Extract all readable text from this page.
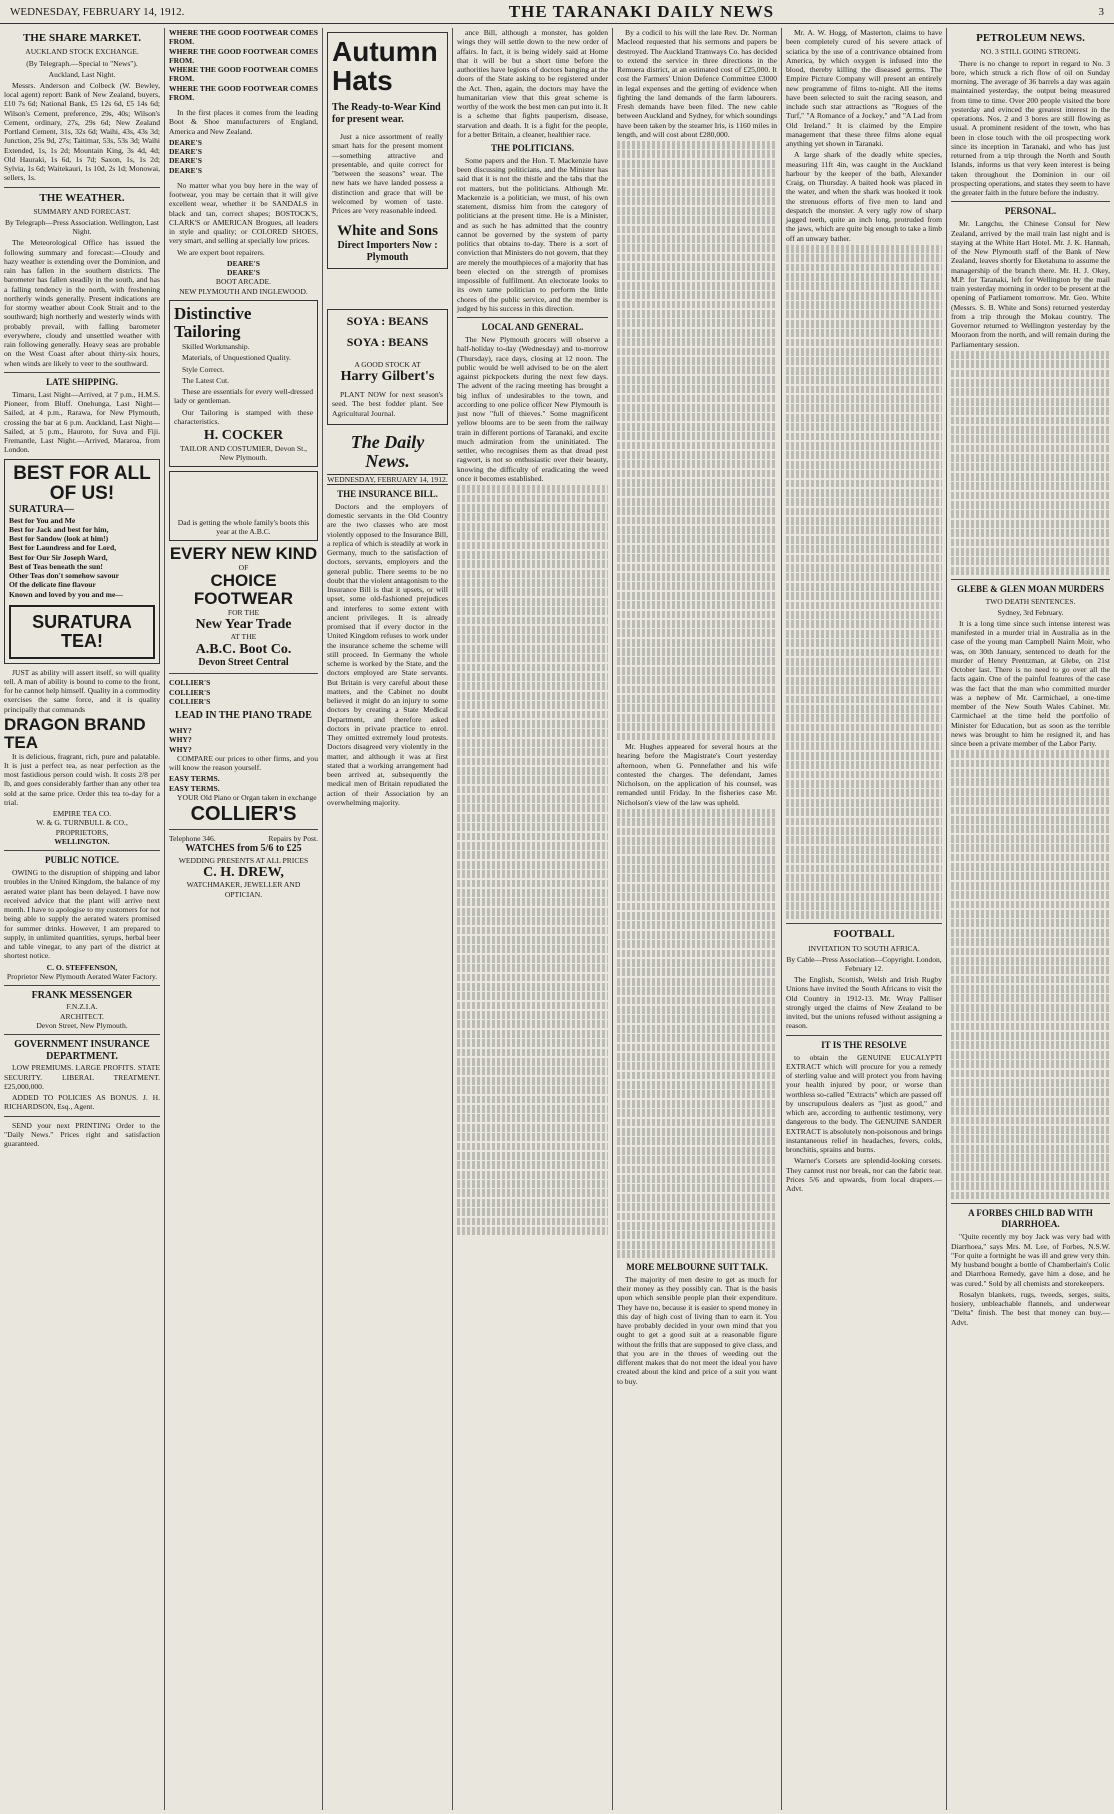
WEDNESDAY, FEBRUARY 14, 1912.	THE TARANAKI DAILY NEWS	3
THE SHARE MARKET.
AUCKLAND STOCK EXCHANGE.
(By Telegraph.—Special to "News").
Auckland, Last Night.

Messrs. Anderson and Colbeck (W. Bewley, local agent) report: Bank of New Zealand, buyers, £10 7s 6d; National Bank, £5 12s 6d, £5 14s 6d; Wilson's Cement, preference, 29s, 40s; Wilson's Cement, ordinary, 27s, 29s 6d; New Zealand Portland Cement, 31s, 32s 6d; Waihi, 43s, 43s 3d; Junction, 25s 9d, 27s; Taitimar, 53s, 53s 3d; Waihi Extended, 1s, 1s 2d; Mountain King, 3s 4d, 4d; Old Hauraki, 1s 6d, 1s 7d; Saxon, 1s, 1s 2d; Sylvia, 1s 6d; Waitekauri, 1s 10d, 2s 1d; Monowai, sellers, 1s.

THE WEATHER.
SUMMARY AND FORECAST.
By Telegraph—Press Association. Wellington, Last Night.

The Meteorological Office has issued the following summary and forecast:—Cloudy and hazy weather is extending over the Dominion, and rain has fallen in the southern districts. The barometer has fallen steadily in the south, and has a falling tendency in the north, with freshening northerly winds generally. Present indications are for stormy weather about Cook Strait and to the southward; high northerly and westerly winds with probably prevail, with falling barometer everywhere, cloudy and unsettled weather with rain following generally. Heavy seas are probable on the West Coast after about thirty-six hours, when winds are likely to veer to the southward.

LATE SHIPPING.

Timaru, Last Night—Arrived, at 7 p.m., H.M.S. Pioneer, from Bluff. Onehunga, Last Night—Sailed, at 4 p.m., Rarawa, for New Plymouth, crossing the bar at 6 p.m. Auckland, Last Night—Sailed, at 5 p.m., Hauroto, for Suva and Fiji. Fremantle, Last Night.—Arrived, Mararoa, from London.

BEST FOR ALL OF US!
SURATURA—
Best for You and Me
Best for Jack and best for him,
Best for Sandow (look at him!)
Best for Laundress and for Lord,
Best for Our Sir Joseph Ward,
Best of Teas beneath the sun!
Other Teas don't somehow savour
Of the delicate fine flavour
Known and loved by you and me—
SURATURA TEA!

JUST as ability will assert itself, so will quality tell. A man of ability is bound to come to the front, for he cannot help himself. Quality in a commodity exercises the same force, and it is quality principally that commands

DRAGON BRAND TEA

It is delicious, fragrant, rich, pure and palatable. It is just a perfect tea, as near perfection as the most fastidious person could wish. It costs 2/8 per lb, and goes considerably farther than any other tea sold at the same price. Order this tea to-day for a trial.

EMPIRE TEA CO.
W. & G. TURNBULL & CO.,
PROPRIETORS,
WELLINGTON.
PUBLIC NOTICE.

OWING to the disruption of shipping and labor troubles in the United Kingdom, the balance of my aerated water plant has been delayed. I have now received advice that the plant will arrive next month. I have to apologise to my customers for not being able to supply the aerated waters promised for summer drinks. However, I am prepared to supply, in unlimited quantities, syrups, herbal beer and table vinegar, to any part of the district at shortest notice.

C. O. STEFFENSON,
Proprietor New Plymouth Aerated Water Factory.
FRANK MESSENGER
F.N.Z.I.A.
ARCHITECT.
Devon Street, New Plymouth.
GOVERNMENT INSURANCE DEPARTMENT.

LOW PREMIUMS. LARGE PROFITS. STATE SECURITY. LIBERAL TREATMENT. £25,000,000.

ADDED TO POLICIES AS BONUS. J. H. RICHARDSON, Esq., Agent.

SEND your next PRINTING Order to the "Daily News." Prices right and satisfaction guaranteed.

WHERE THE GOOD FOOTWEAR COMES FROM.
WHERE THE GOOD FOOTWEAR COMES FROM.
WHERE THE GOOD FOOTWEAR COMES FROM.
WHERE THE GOOD FOOTWEAR COMES FROM.

In the first places it comes from the leading Boot & Shoe manufacturers of England, America and New Zealand.

DEARE'S
DEARE'S
DEARE'S
DEARE'S

No matter what you buy here in the way of footwear, you may be certain that it will give excellent wear, whether it be SANDALS in black and tan, correct shapes; BOSTOCK'S, CLARK'S or AMERICAN Brogues, all leaders in style and quality; or COLORED SHOES, very smart, and selling at specially low prices.

We are expert boot repairers.

DEARE'S
DEARE'S
BOOT ARCADE.
NEW PLYMOUTH AND INGLEWOOD.
Distinctive Tailoring

Skilled Workmanship.

Materials, of Unquestioned Quality.

Style Correct.

The Latest Cut.

These are essentials for every well-dressed lady or gentleman.

Our Tailoring is stamped with these characteristics.

H. COCKER
TAILOR AND COSTUMIER, Devon St., New Plymouth.
Dad is getting the whole family's boots this year at the A.B.C.
EVERY NEW KIND
OF
CHOICE FOOTWEAR
FOR THE
New Year Trade
AT THE
A.B.C. Boot Co.
Devon Street Central
COLLIER'S
COLLIER'S
COLLIER'S
LEAD IN THE PIANO TRADE
WHY?
WHY?
WHY?

COMPARE our prices to other firms, and you will know the reason yourself.

EASY TERMS.
EASY TERMS.

YOUR Old Piano or Organ taken in exchange

COLLIER'S
Telephone 346.	Repairs by Post.
WATCHES from 5/6 to £25
WEDDING PRESENTS AT ALL PRICES
C. H. DREW,
WATCHMAKER, JEWELLER AND OPTICIAN.
Autumn Hats
The Ready-to-Wear Kind for present wear.

Just a nice assortment of really smart hats for the present moment—something attractive and presentable, and quite correct for "between the seasons" wear. The new hats we have landed possess a distinction and grace that will be welcomed by women of taste. Prices are 'very reasonable indeed.

White and Sons
Direct Importers Now : Plymouth
SOYA : BEANS
SOYA : BEANS
A GOOD STOCK AT
Harry Gilbert's

PLANT NOW for next season's seed. The best fodder plant. See Agricultural Journal.

The Daily News.
WEDNESDAY, FEBRUARY 14, 1912.
THE INSURANCE BILL.

Doctors and the employers of domestic servants in the Old Country are the two classes who are most violently opposed to the Insurance Bill, a replica of which is steadily at work in Germany, much to the satisfaction of doctors, servants, employers and the general public. There seems to be no doubt that the violent antagonism to the Insurance Bill is that it upsets, or will upset, some old-fashioned prejudices and interferes to some extent with ancient privileges. It is already promised that if every doctor in the United Kingdom refuses to work under the insurance scheme the scheme will still proceed. In Germany the whole scheme is worked by the State, and the doctors employed are State servants. But Britain is very careful about these matters, and the Cabinet no doubt believed it might do an injury to some doctors by creating a State Medical Department, and therefore asked doctors in private practice to enrol. They omitted extremely loud protests. Doctors disagreed very violently in the matter, and although it was at first stated that a working arrangement had been arrived at, subsequently the medical men of Britain repudiated the action of their Association by an overwhelming majority.

ance Bill, although a monster, has golden wings they will settle down to the new order of affairs. In fact, it is being widely said at Home that it will be but a short time before the authorities have legions of doctors banging at the doors of the State asking to be registered under the Act. Then, again, the doctors may have the humanitarian view that this great scheme is worthy of the work the best men can put into it. It is a scheme that fights pauperism, disease, starvation and death. It is a fight for the people, for a better Britain, a cleaner, healthier race.

THE POLITICIANS.

Some papers and the Hon. T. Mackenzie have been discussing politicians, and the Minister has said that it is not the thistle and the tabs that the rot matters, but the politicians. Although Mr. Mackenzie is a politician, we must, of his own statement, dismiss him from the category of politicians at the present time. He is a Minister, and as such he has admitted that the country cannot be governed by the system of party politics that obtains to-day. There is a sort of conviction that Ministers do not govern, that they are merely the mouthpieces of a majority that has been elected on the strength of promises impossible of fulfilment. An electorate looks to its own tame politician to perform the little chores of the public service, and the member is judged by his success in this direction.

LOCAL AND GENERAL.

The New Plymouth grocers will observe a half-holiday to-day (Wednesday) and to-morrow (Thursday), race days, closing at 12 noon. The public would be well advised to be on the alert against pickpockets during the next few days. The advent of the racing meeting has brought a big influx of undesirables to the town, and according to one police officer New Plymouth is just now "full of thieves." Some magnificent yellow blooms are to be seen from the railway train in different portions of Taranaki, and excite much admiration from the uninitiated. The settler, who recognises them as that dread pest ragwort, is not so enthusiastic over their beauty, knowing the difficulty of eradicating the weed once it becomes established.

By a codicil to his will the late Rev. Dr. Norman Macleod requested that his sermons and papers be destroyed. The Auckland Tramways Co. has decided to extend the service in three directions in the Remuera district, at an estimated cost of £25,000. It cost the Farmers' Union Defence Committee £3000 in legal expenses and the getting of evidence when fighting the land demands of the farm labourers. Fresh demands have been filed. The new cable between Auckland and Sydney, for which soundings have been taken by the steamer Iris, is 1160 miles in length, and will cost about £280,000.

Mr. Hughes appeared for several hours at the hearing before the Magistrate's Court yesterday afternoon, when G. Pennefather and his wife contested the charges. The defendant, James Nicholson, on the application of his counsel, was remanded until Friday. In the fisheries case Mr. Nicholson's view of the law was upheld.

MORE MELBOURNE SUIT TALK.

The majority of men desire to get as much for their money as they possibly can. That is the basis upon which sensible people plan their expenditure. They have no, because it is easier to spend money in this day of high cost of living than to earn it. You have probably decided in your own mind that you ought to get a good suit at a reasonable figure without the frills that are supposed to give class, and that you are in the throes of weeding out the different makes that do not meet the ideal you have created about the kind and price of a suit you want to buy.

Mr. A. W. Hogg, of Masterton, claims to have been completely cured of his severe attack of sciatica by the use of a contrivance obtained from America, by which oxygen is infused into the blood, thereby killing the diseased germs. The Empire Picture Company will present an entirely new programme of films to-night. All the items have been selected to suit the racing season, and include such star attractions as "Rogues of the Turf," "A Romance of a Jockey," and "A Lad from Old Ireland." It is claimed by the Empire management that these three films alone equal anything yet shown in Taranaki.

A large shark of the deadly white species, measuring 11ft 4in, was caught in the Auckland harbour by the keeper of the bath, Alexander Craig, on Thursday. A baited hook was placed in the water, and when the shark was hooked it took the strenuous efforts of five men to land and despatch the monster. A very ugly row of sharp jagged teeth, quite an inch long, protruded from the jaws, which are quite big enough to take a limb off an unwary bather.

FOOTBALL
INVITATION TO SOUTH AFRICA.
By Cable—Press Association—Copyright. London, February 12.

The English, Scottish, Welsh and Irish Rugby Unions have invited the South Africans to visit the Old Country in 1912-13. Mr. Wray Palliser strongly urged the claims of New Zealand to be invited, but the unions refused without assigning a reason.

IT IS THE RESOLVE

to obtain the GENUINE EUCALYPTI EXTRACT which will procure for you a remedy of sterling value and will protect you from having your health injured by poor, or worse than worthless so-called "Extracts" which are passed off by unscrupulous dealers as "just as good," and which are, according to authentic testimony, very dangerous to the body. The GENUINE SANDER EXTRACT is absolutely non-poisonous and brings instantaneous relief in headaches, fevers, colds, bronchitis, sprains and burns.

Warner's Corsets are splendid-looking corsets. They cannot rust nor break, nor can the fabric tear. Prices 5/6 and upwards, from local drapers.—Advt.

PETROLEUM NEWS.
NO. 3 STILL GOING STRONG.

There is no change to report in regard to No. 3 bore, which struck a rich flow of oil on Sunday morning. The average of 36 barrels a day was again maintained yesterday, the output being measured from time to time. Over 200 people visited the bore yesterday and evinced the greatest interest in the operations. Nos. 2 and 3 bores are still flowing as usual. A prominent resident of the town, who has been in close touch with the oil prospecting work since its inception in Taranaki, and who has just returned from a trip through the North and South Islands, informs us that very keen interest is being taken throughout the Dominion in our oil prospecting operations, and states they seem to have the greater faith in the future before the industry.

PERSONAL.

Mr. Langchu, the Chinese Consul for New Zealand, arrived by the mail train last night and is staying at the White Hart Hotel. Mr. J. K. Hannah, of the New Plymouth staff of the Bank of New Zealand, leaves shortly for Eketahuna to assume the managership of the branch there. Mr. H. J. Okey, M.P. for Taranaki, left for Wellington by the mail train yesterday morning in order to be present at the opening of Parliament tomorrow. Mr. Geo. White (Messrs. S. B. White and Sons) returned yesterday from a trip through the Mokau country. The Governor returned to Wellington yesterday by the Mooraon from the north, and will remain during the Parliamentary session.

GLEBE & GLEN MOAN MURDERS
TWO DEATH SENTENCES.
Sydney, 3rd February.

It is a long time since such intense interest was manifested in a murder trial in Australia as in the case of the young man Campbell Nairn Moir, who was, on 30th January, sentenced to death for the murder of Henry Prentzman, at Glebe, on 21st October last. There is no need to go over all the facts again. One of the painful features of the case was the fact that the man who committed murder was a nephew of Mr. Carmichael, a one-time member of the New South Wales Cabinet. Mr. Carmichael at the time held the portfolio of Minister for Education, but as soon as the terrible news was brought to him he resigned it, and has since been a private member of the Labor Party.

A FORBES CHILD BAD WITH DIARRHOEA.

"Quite recently my boy Jack was very bad with Diarrhoea," says Mrs. M. Lee, of Forbes, N.S.W. "For quite a fortnight he was ill and grew very thin. My husband bought a bottle of Chamberlain's Colic and Diarrhoea Remedy, gave him a dose, and he was cured." Sold by all chemists and storekeepers.

Rosalyn blankets, rugs, tweeds, serges, suits, hosiery, unbleachable flannels, and underwear "Delta" finish. The best that money can buy.—Advt.
